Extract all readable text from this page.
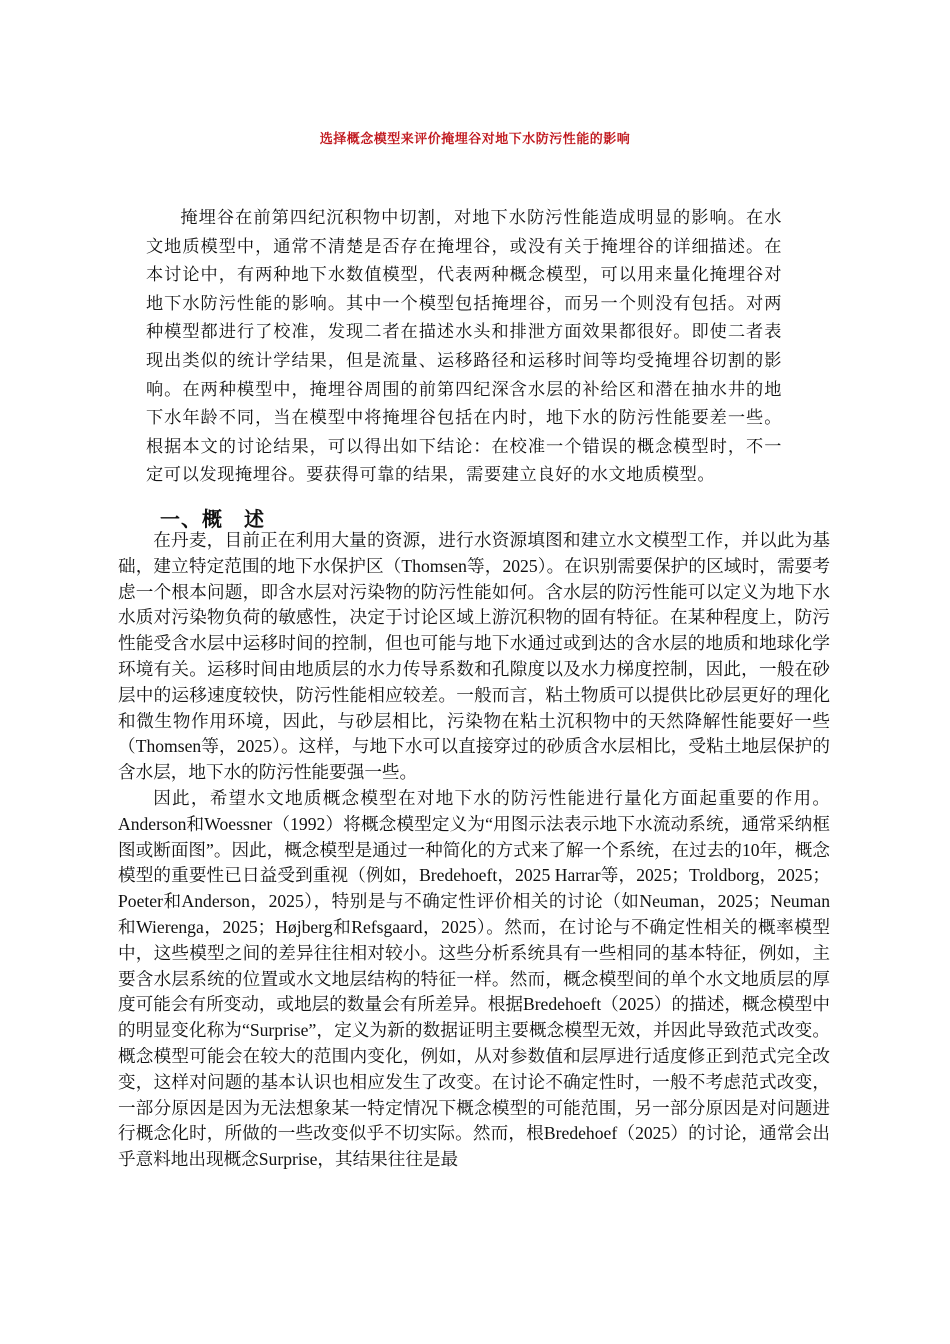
选择概念模型来评价掩埋谷对地下水防污性能的影响

掩埋谷在前第四纪沉积物中切割，对地下水防污性能造成明显的影响。在水文地质模型中，通常不清楚是否存在掩埋谷，或没有关于掩埋谷的详细描述。在本讨论中，有两种地下水数值模型，代表两种概念模型，可以用来量化掩埋谷对地下水防污性能的影响。其中一个模型包括掩埋谷，而另一个则没有包括。对两种模型都进行了校准，发现二者在描述水头和排泄方面效果都很好。即使二者表现出类似的统计学结果，但是流量、运移路径和运移时间等均受掩埋谷切割的影响。在两种模型中，掩埋谷周围的前第四纪深含水层的补给区和潜在抽水井的地下水年龄不同，当在模型中将掩埋谷包括在内时，地下水的防污性能要差一些。根据本文的讨论结果，可以得出如下结论：在校准一个错误的概念模型时，不一定可以发现掩埋谷。要获得可靠的结果，需要建立良好的水文地质模型。

一、概　述

在丹麦，目前正在利用大量的资源，进行水资源填图和建立水文模型工作，并以此为基础，建立特定范围的地下水保护区（Thomsen等，2025）。在识别需要保护的区域时，需要考虑一个根本问题，即含水层对污染物的防污性能如何。含水层的防污性能可以定义为地下水水质对污染物负荷的敏感性，决定于讨论区域上游沉积物的固有特征。在某种程度上，防污性能受含水层中运移时间的控制，但也可能与地下水通过或到达的含水层的地质和地球化学环境有关。运移时间由地质层的水力传导系数和孔隙度以及水力梯度控制，因此，一般在砂层中的运移速度较快，防污性能相应较差。一般而言，粘土物质可以提供比砂层更好的理化和微生物作用环境，因此，与砂层相比，污染物在粘土沉积物中的天然降解性能要好一些（Thomsen等，2025）。这样，与地下水可以直接穿过的砂质含水层相比，受粘土地层保护的含水层，地下水的防污性能要强一些。

因此，希望水文地质概念模型在对地下水的防污性能进行量化方面起重要的作用。Anderson和Woessner（1992）将概念模型定义为“用图示法表示地下水流动系统，通常采纳框图或断面图”。因此，概念模型是通过一种简化的方式来了解一个系统，在过去的10年，概念模型的重要性已日益受到重视（例如，Bredehoeft，2025 Harrar等，2025；Troldborg，2025；Poeter和Anderson，2025），特别是与不确定性评价相关的讨论（如Neuman，2025；Neuman和Wierenga，2025；Højberg和Refsgaard，2025）。然而，在讨论与不确定性相关的概率模型中，这些模型之间的差异往往相对较小。这些分析系统具有一些相同的基本特征，例如，主要含水层系统的位置或水文地层结构的特征一样。然而，概念模型间的单个水文地质层的厚度可能会有所变动，或地层的数量会有所差异。根据Bredehoeft（2025）的描述，概念模型中的明显变化称为“Surprise”，定义为新的数据证明主要概念模型无效，并因此导致范式改变。概念模型可能会在较大的范围内变化，例如，从对参数值和层厚进行适度修正到范式完全改变，这样对问题的基本认识也相应发生了改变。在讨论不确定性时，一般不考虑范式改变，一部分原因是因为无法想象某一特定情况下概念模型的可能范围，另一部分原因是对问题进行概念化时，所做的一些改变似乎不切实际。然而，根Bredehoef（2025）的讨论，通常会出乎意料地出现概念Surprise，其结果往往是最
